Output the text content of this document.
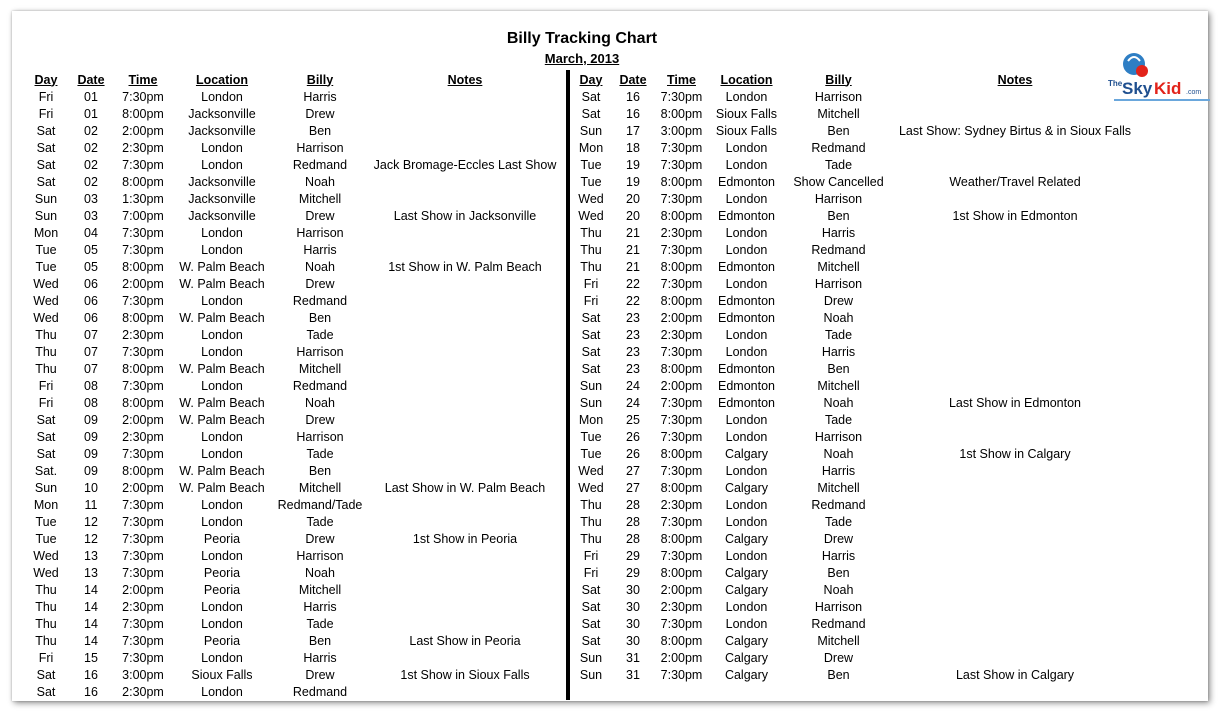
Billy Tracking Chart
March, 2013
Day	Date	Time	Location	Billy	Notes
Fri	01	7:30pm	London	Harris	
Fri	01	8:00pm	Jacksonville	Drew	
Sat	02	2:00pm	Jacksonville	Ben	
Sat	02	2:30pm	London	Harrison	
Sat	02	7:30pm	London	Redmand	Jack Bromage-Eccles Last Show
Sat	02	8:00pm	Jacksonville	Noah	
Sun	03	1:30pm	Jacksonville	Mitchell	
Sun	03	7:00pm	Jacksonville	Drew	Last Show in Jacksonville
Mon	04	7:30pm	London	Harrison	
Tue	05	7:30pm	London	Harris	
Tue	05	8:00pm	W. Palm Beach	Noah	1st Show in W. Palm Beach
Wed	06	2:00pm	W. Palm Beach	Drew	
Wed	06	7:30pm	London	Redmand	
Wed	06	8:00pm	W. Palm Beach	Ben	
Thu	07	2:30pm	London	Tade	
Thu	07	7:30pm	London	Harrison	
Thu	07	8:00pm	W. Palm Beach	Mitchell	
Fri	08	7:30pm	London	Redmand	
Fri	08	8:00pm	W. Palm Beach	Noah	
Sat	09	2:00pm	W. Palm Beach	Drew	
Sat	09	2:30pm	London	Harrison	
Sat	09	7:30pm	London	Tade	
Sat.	09	8:00pm	W. Palm Beach	Ben	
Sun	10	2:00pm	W. Palm Beach	Mitchell	Last Show in W. Palm Beach
Mon	11	7:30pm	London	Redmand/Tade	
Tue	12	7:30pm	London	Tade	
Tue	12	7:30pm	Peoria	Drew	1st Show in Peoria
Wed	13	7:30pm	London	Harrison	
Wed	13	7:30pm	Peoria	Noah	
Thu	14	2:00pm	Peoria	Mitchell	
Thu	14	2:30pm	London	Harris	
Thu	14	7:30pm	London	Tade	
Thu	14	7:30pm	Peoria	Ben	Last Show in Peoria
Fri	15	7:30pm	London	Harris	
Sat	16	3:00pm	Sioux Falls	Drew	1st Show in Sioux Falls
Sat	16	2:30pm	London	Redmand	
Day	Date	Time	Location	Billy	Notes
Sat	16	7:30pm	London	Harrison	
Sat	16	8:00pm	Sioux Falls	Mitchell	
Sun	17	3:00pm	Sioux Falls	Ben	Last Show: Sydney Birtus & in Sioux Falls
Mon	18	7:30pm	London	Redmand	
Tue	19	7:30pm	London	Tade	
Tue	19	8:00pm	Edmonton	Show Cancelled	Weather/Travel Related
Wed	20	7:30pm	London	Harrison	
Wed	20	8:00pm	Edmonton	Ben	1st Show in Edmonton
Thu	21	2:30pm	London	Harris	
Thu	21	7:30pm	London	Redmand	
Thu	21	8:00pm	Edmonton	Mitchell	
Fri	22	7:30pm	London	Harrison	
Fri	22	8:00pm	Edmonton	Drew	
Sat	23	2:00pm	Edmonton	Noah	
Sat	23	2:30pm	London	Tade	
Sat	23	7:30pm	London	Harris	
Sat	23	8:00pm	Edmonton	Ben	
Sun	24	2:00pm	Edmonton	Mitchell	
Sun	24	7:30pm	Edmonton	Noah	Last Show in Edmonton
Mon	25	7:30pm	London	Tade	
Tue	26	7:30pm	London	Harrison	
Tue	26	8:00pm	Calgary	Noah	1st Show in Calgary
Wed	27	7:30pm	London	Harris	
Wed	27	8:00pm	Calgary	Mitchell	
Thu	28	2:30pm	London	Redmand	
Thu	28	7:30pm	London	Tade	
Thu	28	8:00pm	Calgary	Drew	
Fri	29	7:30pm	London	Harris	
Fri	29	8:00pm	Calgary	Ben	
Sat	30	2:00pm	Calgary	Noah	
Sat	30	2:30pm	London	Harrison	
Sat	30	7:30pm	London	Redmand	
Sat	30	8:00pm	Calgary	Mitchell	
Sun	31	2:00pm	Calgary	Drew	
Sun	31	7:30pm	Calgary	Ben	Last Show in Calgary
The Sky Kid .com
